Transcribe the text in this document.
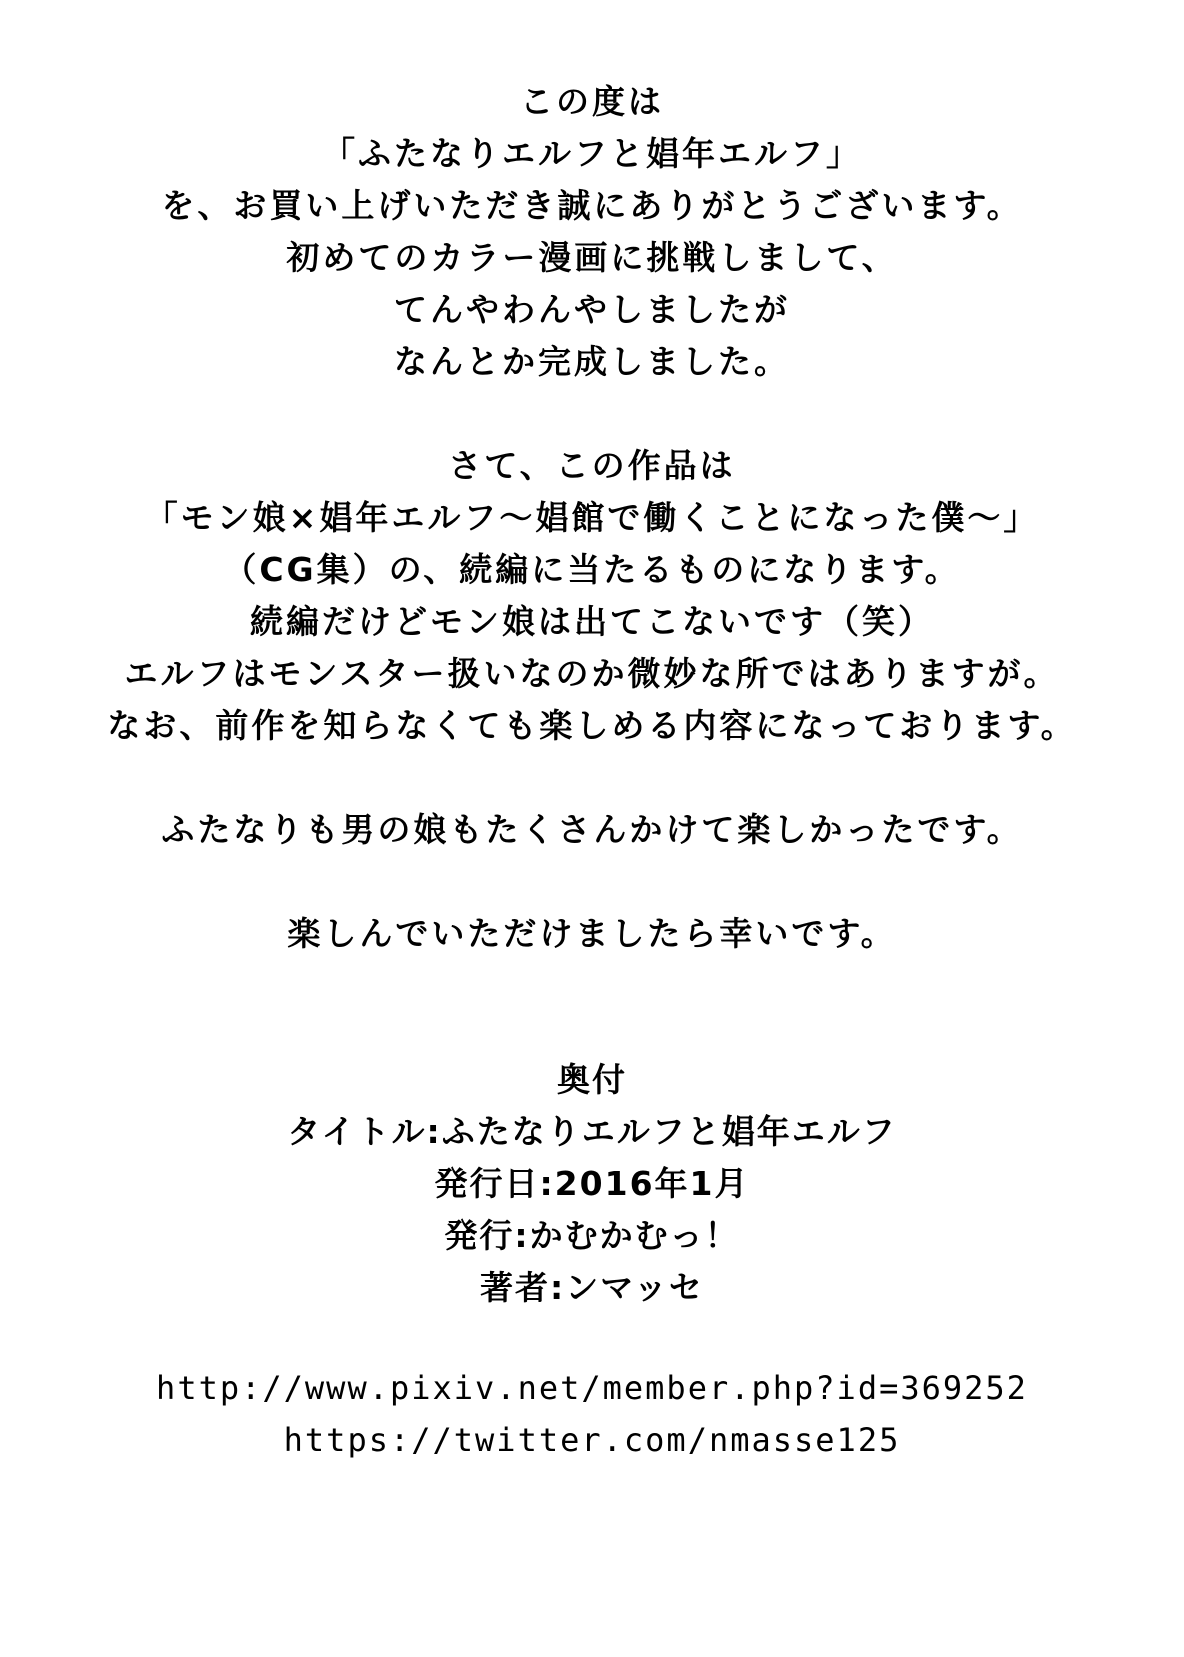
この度は
「ふたなりエルフと娼年エルフ」
を、お買い上げいただき誠にありがとうございます。
初めてのカラー漫画に挑戦しまして、
てんやわんやしましたが
なんとか完成しました。
さて、この作品は
「モン娘×娼年エルフ～娼館で働くことになった僕～」
（CG集）の、続編に当たるものになります。
続編だけどモン娘は出てこないです（笑）
エルフはモンスター扱いなのか微妙な所ではありますが。
なお、前作を知らなくても楽しめる内容になっております。
ふたなりも男の娘もたくさんかけて楽しかったです。
楽しんでいただけましたら幸いです。
奥付
タイトル:ふたなりエルフと娼年エルフ
発行日:2016年1月
発行:かむかむっ！
著者:ンマッセ
http://www.pixiv.net/member.php?id=369252
https://twitter.com/nmasse125
